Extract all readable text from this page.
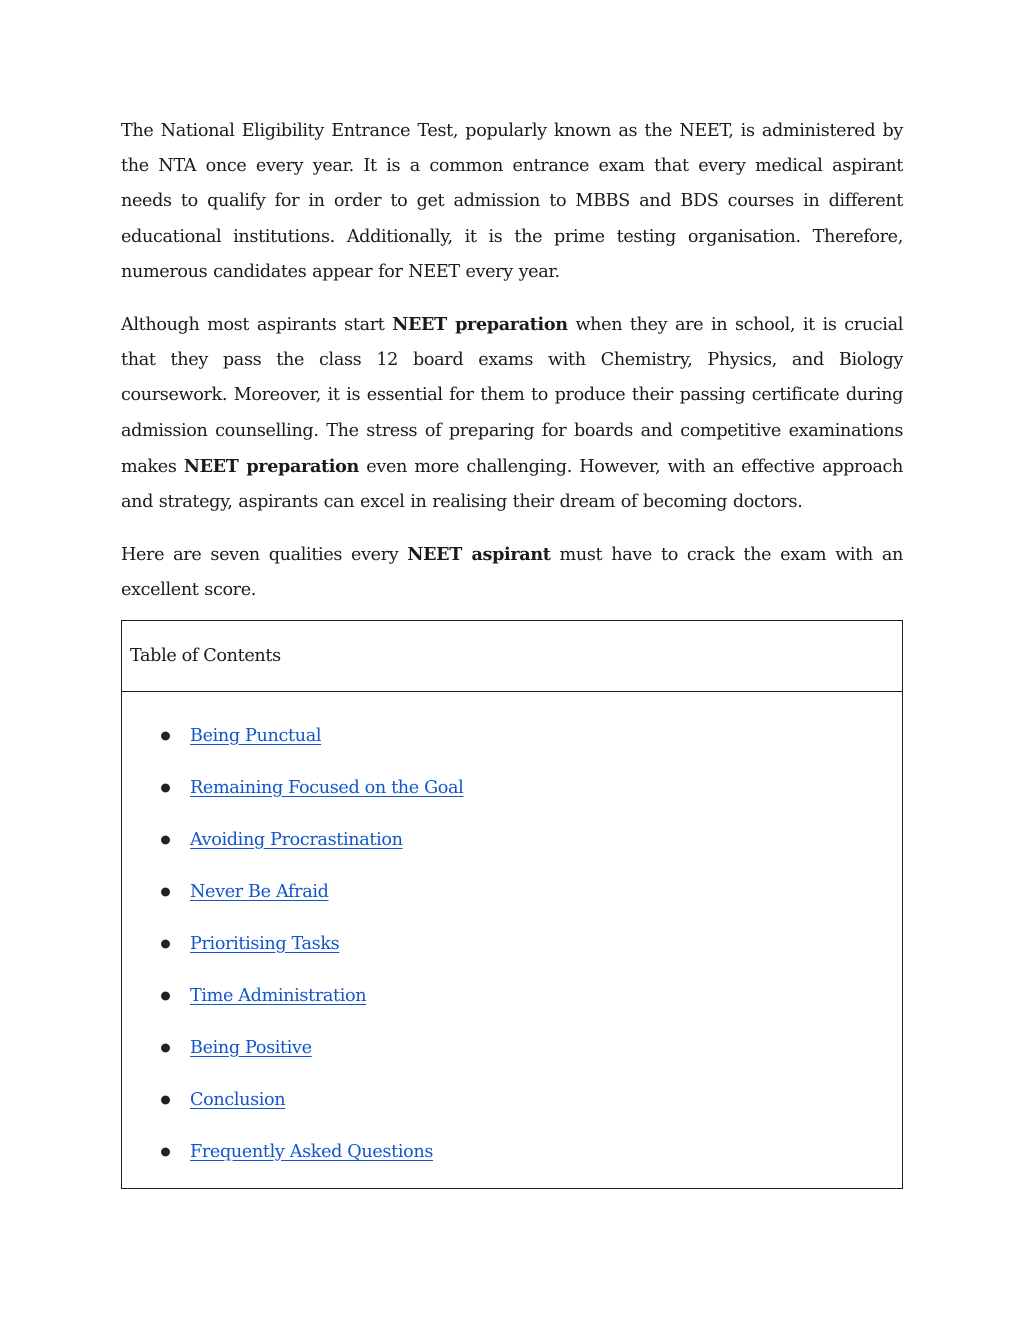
The National Eligibility Entrance Test, popularly known as the NEET, is administered by the NTA once every year. It is a common entrance exam that every medical aspirant needs to qualify for in order to get admission to MBBS and BDS courses in different educational institutions. Additionally, it is the prime testing organisation. Therefore, numerous candidates appear for NEET every year.

Although most aspirants start NEET preparation when they are in school, it is crucial that they pass the class 12 board exams with Chemistry, Physics, and Biology coursework. Moreover, it is essential for them to produce their passing certificate during admission counselling. The stress of preparing for boards and competitive examinations makes NEET preparation even more challenging. However, with an effective approach and strategy, aspirants can excel in realising their dream of becoming doctors.

Here are seven qualities every NEET aspirant must have to crack the exam with an excellent score.

Table of Contents
Being Punctual
Remaining Focused on the Goal
Avoiding Procrastination
Never Be Afraid
Prioritising Tasks
Time Administration
Being Positive
Conclusion
Frequently Asked Questions
